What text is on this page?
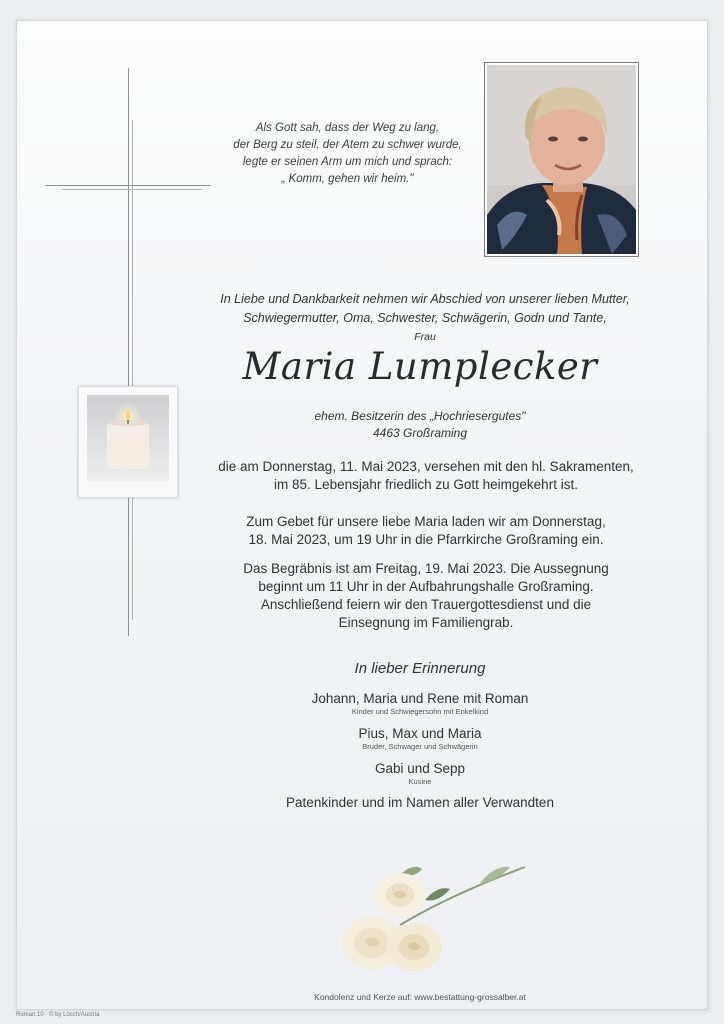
Als Gott sah, dass der Weg zu lang,
der Berg zu steil, der Atem zu schwer wurde,
legte er seinen Arm um mich und sprach:
„ Komm, gehen wir heim."
In Liebe und Dankbarkeit nehmen wir Abschied von unserer lieben Mutter,
Schwiegermutter, Oma, Schwester, Schwägerin, Godn und Tante,
Frau
Maria Lumplecker
ehem. Besitzerin des „Hochriesergutes"
4463 Großraming
die am Donnerstag, 11. Mai 2023, versehen mit den hl. Sakramenten,
im 85. Lebensjahr friedlich zu Gott heimgekehrt ist.
Zum Gebet für unsere liebe Maria laden wir am Donnerstag,
18. Mai 2023, um 19 Uhr in die Pfarrkirche Großraming ein.
Das Begräbnis ist am Freitag, 19. Mai 2023. Die Aussegnung
beginnt um 11 Uhr in der Aufbahrungshalle Großraming.
Anschließend feiern wir den Trauergottesdienst und die
Einsegnung im Familiengrab.
In lieber Erinnerung
Johann, Maria und Rene mit Roman
Kinder und Schwiegersohn mit Enkelkind
Pius, Max und Maria
Bruder, Schwager und Schwägerin
Gabi und Sepp
Kusine
Patenkinder und im Namen aller Verwandten
Kondolenz und Kerze auf: www.bestattung-grossalber.at
Roman 10 - © by Lösch/Austria
